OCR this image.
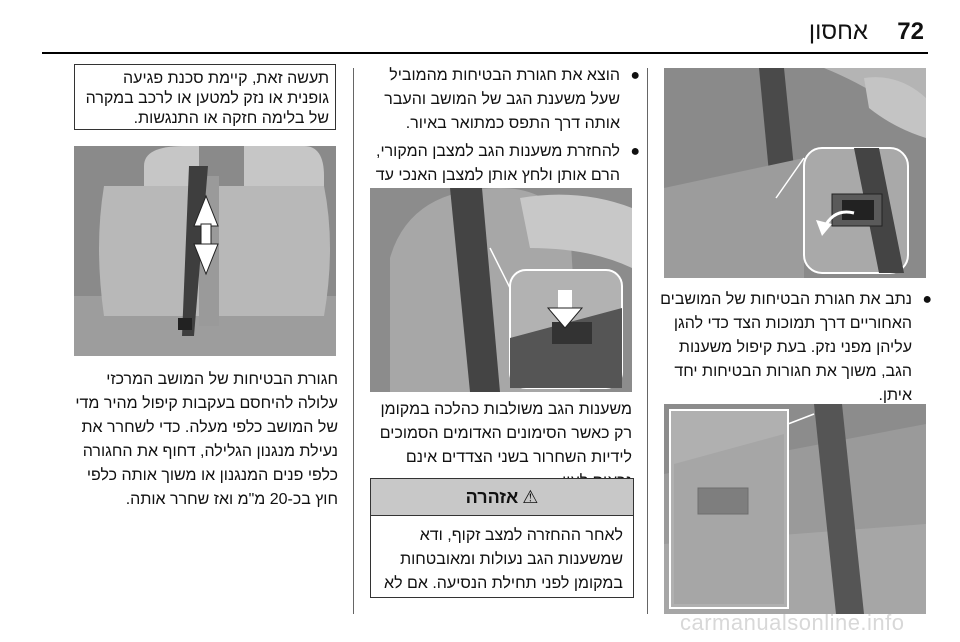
72
אחסון
●
נתב את חגורת הבטיחות של המושבים האחוריים דרך תמוכות הצד כדי להגן עליהן מפני נזק. בעת קיפול משענות הגב, משוך את חגורות הבטיחות יחד איתן.
●
הוצא את חגורת הבטיחות מהמוביל שעל משענת הגב של המושב והעבר אותה דרך התפס כמתואר באיור.
●
להחזרת משענות הגב למצבן המקורי, הרם אותן ולחץ אותן למצבן האנכי עד
משענות הגב משולבות כהלכה במקומן רק כאשר הסימונים האדומים הסמוכים לידיות השחרור בשני הצדדים אינם
⚠
אזהרה
לאחר ההחזרה למצב זקוף, ודא שמשענות הגב נעולות ומאובטחות במקומן לפני תחילת הנסיעה. אם לא
תעשה זאת, קיימת סכנת פגיעה גופנית או נזק למטען או לרכב במקרה של בלימה חזקה או התנגשות.
חגורת הבטיחות של המושב המרכזי עלולה להיחסם בעקבות קיפול מהיר מדי של המושב כלפי מעלה. כדי לשחרר את נעילת מנגנון הגלילה, דחוף את החגורה כלפי פנים המנגנון או משוך אותה כלפי חוץ בכ-20 מ"מ ואז שחרר אותה.
carmanualsonline.info
